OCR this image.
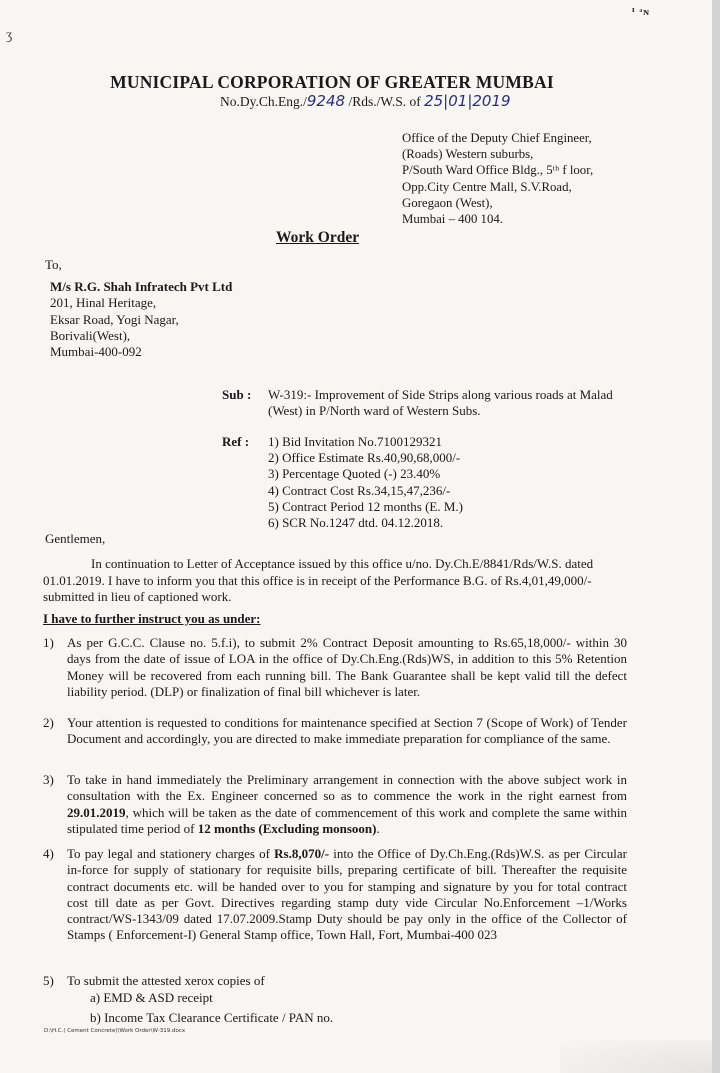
ᴵ ᵊɴ
ʒ
MUNICIPAL CORPORATION OF GREATER MUMBAI
No.Dy.Ch.Eng./9248 /Rds./W.S. of 25|01|2019
Office of the Deputy Chief Engineer,
(Roads) Western suburbs,
P/South Ward Office Bldg., 5ᵗʰ f loor,
Opp.City Centre Mall, S.V.Road,
Goregaon (West),
Mumbai – 400 104.
Work Order
To,
M/s R.G. Shah Infratech Pvt Ltd
201, Hinal Heritage,
Eksar Road, Yogi Nagar,
Borivali(West),
Mumbai-400-092
Sub : W-319:- Improvement of Side Strips along various roads at Malad (West) in P/North ward of Western Subs.
Ref : 1) Bid Invitation No.7100129321
2) Office Estimate Rs.40,90,68,000/-
3) Percentage Quoted (-) 23.40%
4) Contract Cost Rs.34,15,47,236/-
5) Contract Period 12 months (E. M.)
6) SCR No.1247 dtd. 04.12.2018.
Gentlemen,
In continuation to Letter of Acceptance issued by this office u/no. Dy.Ch.E/8841/Rds/W.S. dated 01.01.2019. I have to inform you that this office is in receipt of the Performance B.G. of Rs.4,01,49,000/- submitted in lieu of captioned work.
I have to further instruct you as under:
1) As per G.C.C. Clause no. 5.f.i), to submit 2% Contract Deposit amounting to Rs.65,18,000/- within 30 days from the date of issue of LOA in the office of Dy.Ch.Eng.(Rds)WS, in addition to this 5% Retention Money will be recovered from each running bill. The Bank Guarantee shall be kept valid till the defect liability period. (DLP) or finalization of final bill whichever is later.
2) Your attention is requested to conditions for maintenance specified at Section 7 (Scope of Work) of Tender Document and accordingly, you are directed to make immediate preparation for compliance of the same.
3) To take in hand immediately the Preliminary arrangement in connection with the above subject work in consultation with the Ex. Engineer concerned so as to commence the work in the right earnest from 29.01.2019, which will be taken as the date of commencement of this work and complete the same within stipulated time period of 12 months (Excluding monsoon).
4) To pay legal and stationery charges of Rs.8,070/- into the Office of Dy.Ch.Eng.(Rds)W.S. as per Circular in-force for supply of stationary for requisite bills, preparing certificate of bill. Thereafter the requisite contract documents etc. will be handed over to you for stamping and signature by you for total contract cost till date as per Govt. Directives regarding stamp duty vide Circular No.Enforcement –1/Works contract/WS-1343/09 dated 17.07.2009.Stamp Duty should be pay only in the office of the Collector of Stamps ( Enforcement-I) General Stamp office, Town Hall, Fort, Mumbai-400 023
5) To submit the attested xerox copies of
a) EMD & ASD receipt
b) Income Tax Clearance Certificate / PAN no.
D:\H.C.( Cement Concrete)\Work Order\W-319.docx
